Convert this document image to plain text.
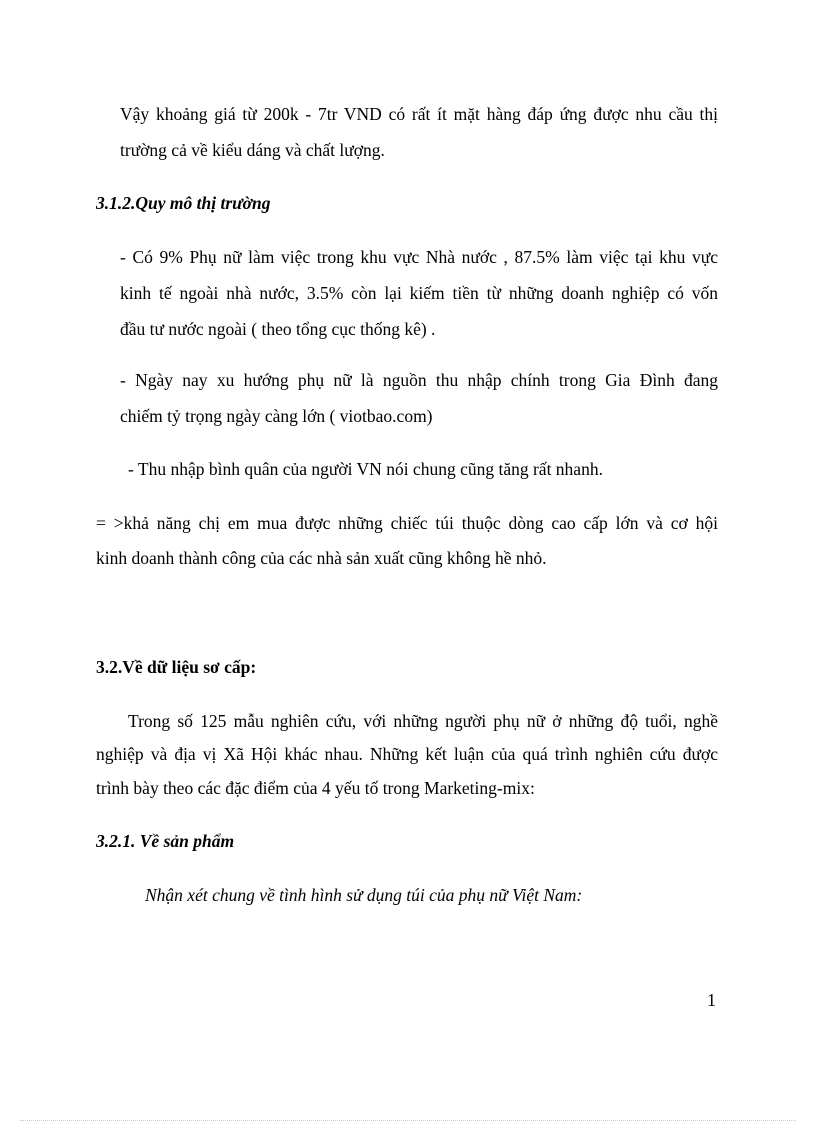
Vậy khoảng giá từ 200k - 7tr VND có rất ít mặt hàng đáp ứng được nhu cầu thị
trường cả về kiểu dáng và chất lượng.
3.1.2.Quy mô thị trường
- Có 9% Phụ nữ làm việc trong khu vực Nhà nước , 87.5% làm việc tại khu vực
kinh tế ngoài nhà nước, 3.5% còn lại kiếm tiền từ những doanh nghiệp có vốn
đầu tư nước ngoài ( theo tổng cục thống kê) .
- Ngày nay xu hướng phụ nữ là nguồn thu nhập chính trong Gia Đình đang
chiếm tỷ trọng ngày càng lớn ( viotbao.com)
- Thu nhập bình quân của người VN nói chung cũng tăng rất nhanh.
= >khả năng chị em mua được những chiếc túi thuộc dòng cao cấp lớn và cơ hội
kinh doanh thành công của các nhà sản xuất cũng không hề nhỏ.
3.2.Về dữ liệu sơ cấp:
Trong số 125 mẫu nghiên cứu, với những người phụ nữ ở những độ tuổi, nghề
nghiệp và địa vị Xã Hội khác nhau. Những kết luận của quá trình nghiên cứu được
trình bày theo các đặc điểm của 4 yếu tố trong Marketing-mix:
3.2.1. Về sản phẩm
Nhận xét chung về tình hình sử dụng túi của phụ nữ Việt Nam:
1
